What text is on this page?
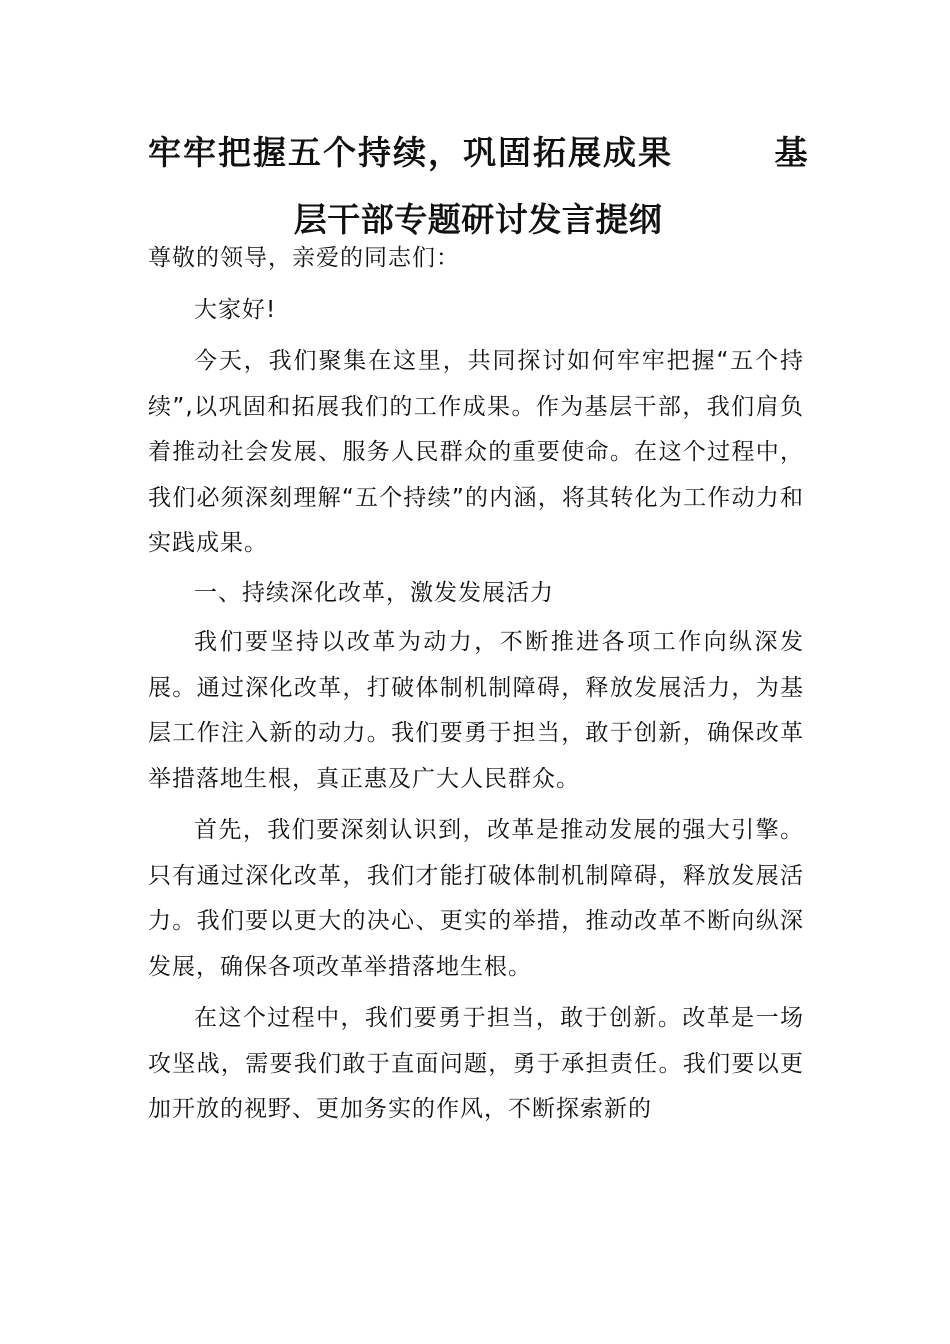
牢牢把握五个持续，巩固拓展成果	基
层干部专题研讨发言提纲

尊敬的领导，亲爱的同志们：

大家好!

今天，我们聚集在这里，共同探讨如何牢牢把握“五个持续”,以巩固和拓展我们的工作成果。作为基层干部，我们肩负着推动社会发展、服务人民群众的重要使命。在这个过程中，我们必须深刻理解“五个持续”的内涵，将其转化为工作动力和实践成果。

一、持续深化改革，激发发展活力

我们要坚持以改革为动力，不断推进各项工作向纵深发展。通过深化改革，打破体制机制障碍，释放发展活力，为基层工作注入新的动力。我们要勇于担当，敢于创新，确保改革举措落地生根，真正惠及广大人民群众。

首先，我们要深刻认识到，改革是推动发展的强大引擎。只有通过深化改革，我们才能打破体制机制障碍，释放发展活力。我们要以更大的决心、更实的举措，推动改革不断向纵深发展，确保各项改革举措落地生根。

在这个过程中，我们要勇于担当，敢于创新。改革是一场攻坚战，需要我们敢于直面问题，勇于承担责任。我们要以更加开放的视野、更加务实的作风，不断探索新的
